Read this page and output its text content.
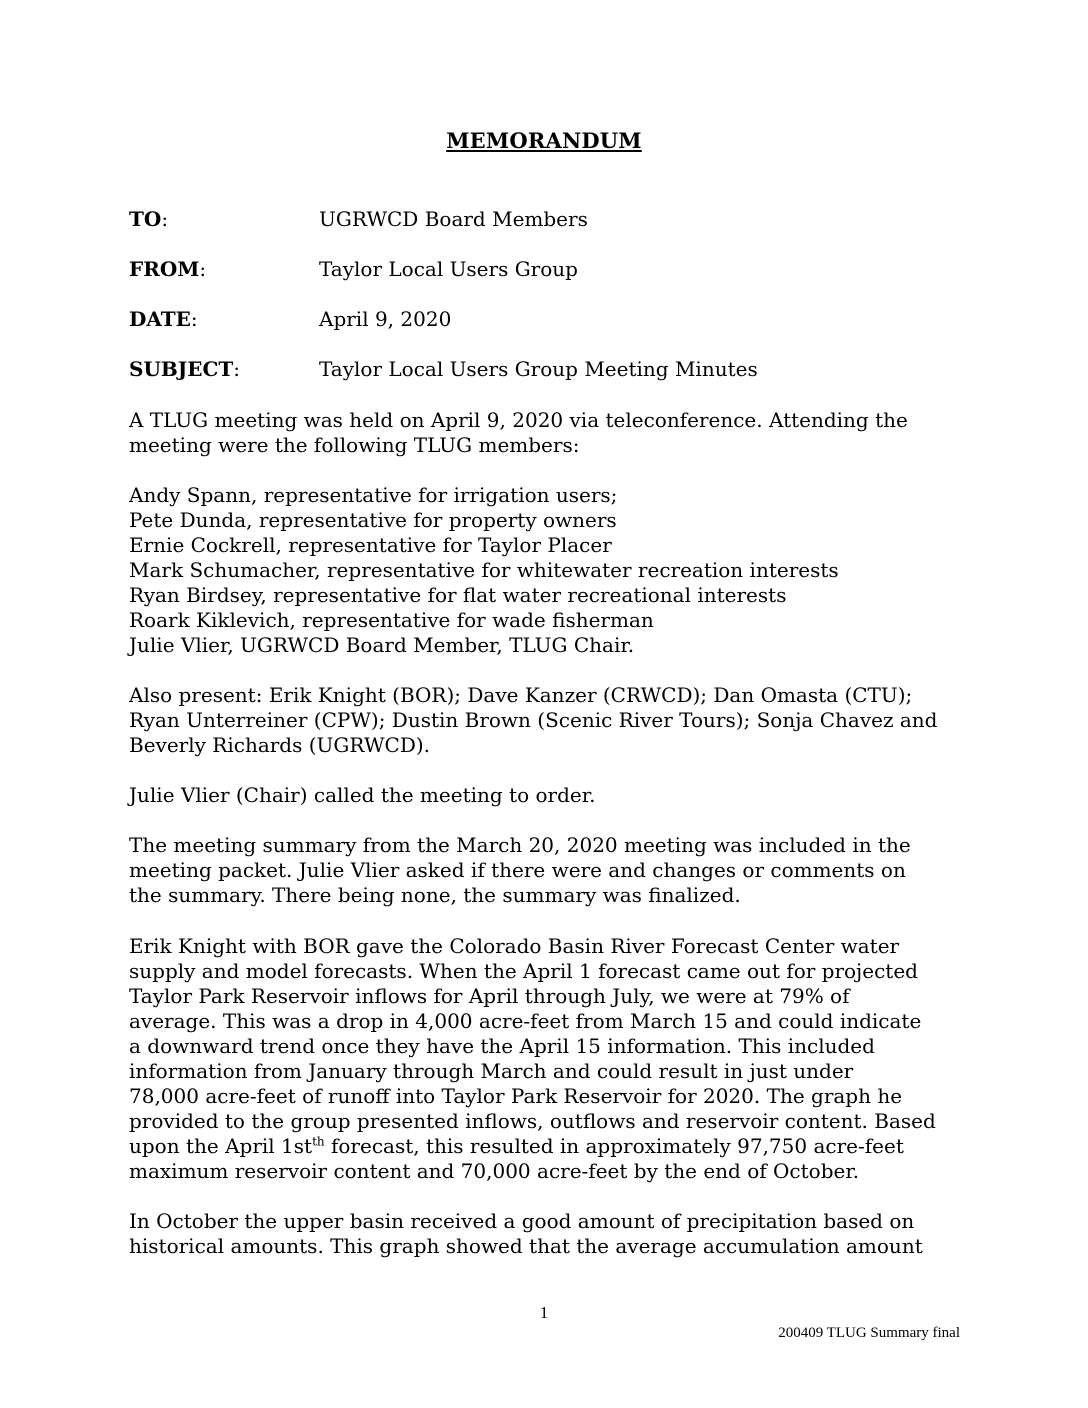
MEMORANDUM
TO:	UGRWCD Board Members
FROM:	Taylor Local Users Group
DATE:	April 9, 2020
SUBJECT:	Taylor Local Users Group Meeting Minutes
A TLUG meeting was held on April 9, 2020 via teleconference. Attending the
meeting were the following TLUG members:
Andy Spann, representative for irrigation users;
Pete Dunda, representative for property owners
Ernie Cockrell, representative for Taylor Placer
Mark Schumacher, representative for whitewater recreation interests
Ryan Birdsey, representative for flat water recreational interests
Roark Kiklevich, representative for wade fisherman
Julie Vlier, UGRWCD Board Member, TLUG Chair.
Also present: Erik Knight (BOR); Dave Kanzer (CRWCD); Dan Omasta (CTU);
Ryan Unterreiner (CPW); Dustin Brown (Scenic River Tours); Sonja Chavez and
Beverly Richards (UGRWCD).
Julie Vlier (Chair) called the meeting to order.
The meeting summary from the March 20, 2020 meeting was included in the
meeting packet. Julie Vlier asked if there were and changes or comments on
the summary. There being none, the summary was finalized.
Erik Knight with BOR gave the Colorado Basin River Forecast Center water
supply and model forecasts. When the April 1 forecast came out for projected
Taylor Park Reservoir inflows for April through July, we were at 79% of
average. This was a drop in 4,000 acre-feet from March 15 and could indicate
a downward trend once they have the April 15 information. This included
information from January through March and could result in just under
78,000 acre-feet of runoff into Taylor Park Reservoir for 2020. The graph he
provided to the group presented inflows, outflows and reservoir content. Based
upon the April $1st^{th}$ forecast, this resulted in approximately 97,750 acre-feet
maximum reservoir content and 70,000 acre-feet by the end of October.
In October the upper basin received a good amount of precipitation based on
historical amounts. This graph showed that the average accumulation amount
1
200409 TLUG Summary final
